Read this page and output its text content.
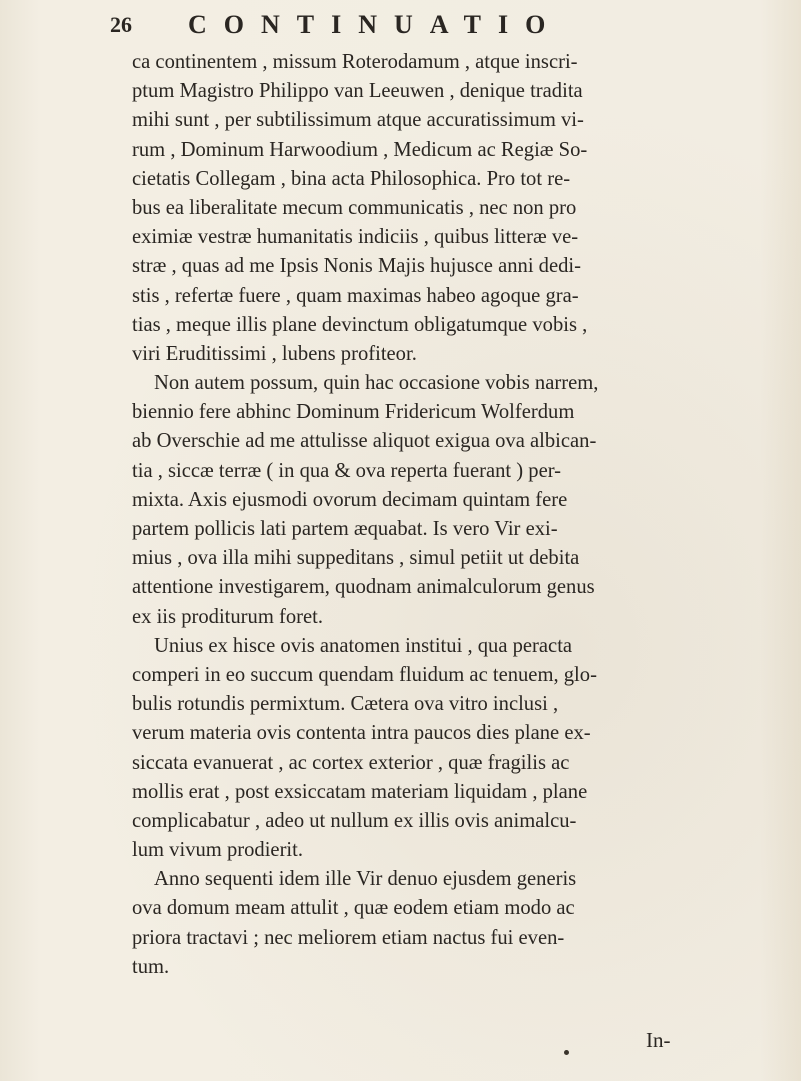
26 CONTINUATIO
ca continentem , missum Roterodamum , atque inscri-
ptum Magistro Philippo van Leeuwen , denique tradita
mihi sunt , per subtilissimum atque accuratissimum vi-
rum , Dominum Harwoodium , Medicum ac Regiæ So-
cietatis Collegam , bina acta Philosophica. Pro tot re-
bus ea liberalitate mecum communicatis , nec non pro
eximiæ vestræ humanitatis indiciis , quibus litteræ ve-
stræ , quas ad me Ipsis Nonis Majis hujusce anni dedi-
stis , refertæ fuere , quam maximas habeo agoque gra-
tias , meque illis plane devinctum obligatumque vobis ,
viri Eruditissimi , lubens profiteor.
Non autem possum, quin hac occasione vobis narrem,
biennio fere abhinc Dominum Fridericum Wolferdum
ab Overschie ad me attulisse aliquot exigua ova albican-
tia , siccæ terræ ( in qua & ova reperta fuerant ) per-
mixta. Axis ejusmodi ovorum decimam quintam fere
partem pollicis lati partem æquabat. Is vero Vir exi-
mius , ova illa mihi suppeditans , simul petiit ut debita
attentione investigarem, quodnam animalculorum genus
ex iis proditurum foret.
Unius ex hisce ovis anatomen institui , qua peracta
comperi in eo succum quendam fluidum ac tenuem, glo-
bulis rotundis permixtum. Cætera ova vitro inclusi ,
verum materia ovis contenta intra paucos dies plane ex-
siccata evanuerat , ac cortex exterior , quæ fragilis ac
mollis erat , post exsiccatam materiam liquidam , plane
complicabatur , adeo ut nullum ex illis ovis animalcu-
lum vivum prodierit.
Anno sequenti idem ille Vir denuo ejusdem generis
ova domum meam attulit , quæ eodem etiam modo ac
priora tractavi ; nec meliorem etiam nactus fui even-
tum.
In-
